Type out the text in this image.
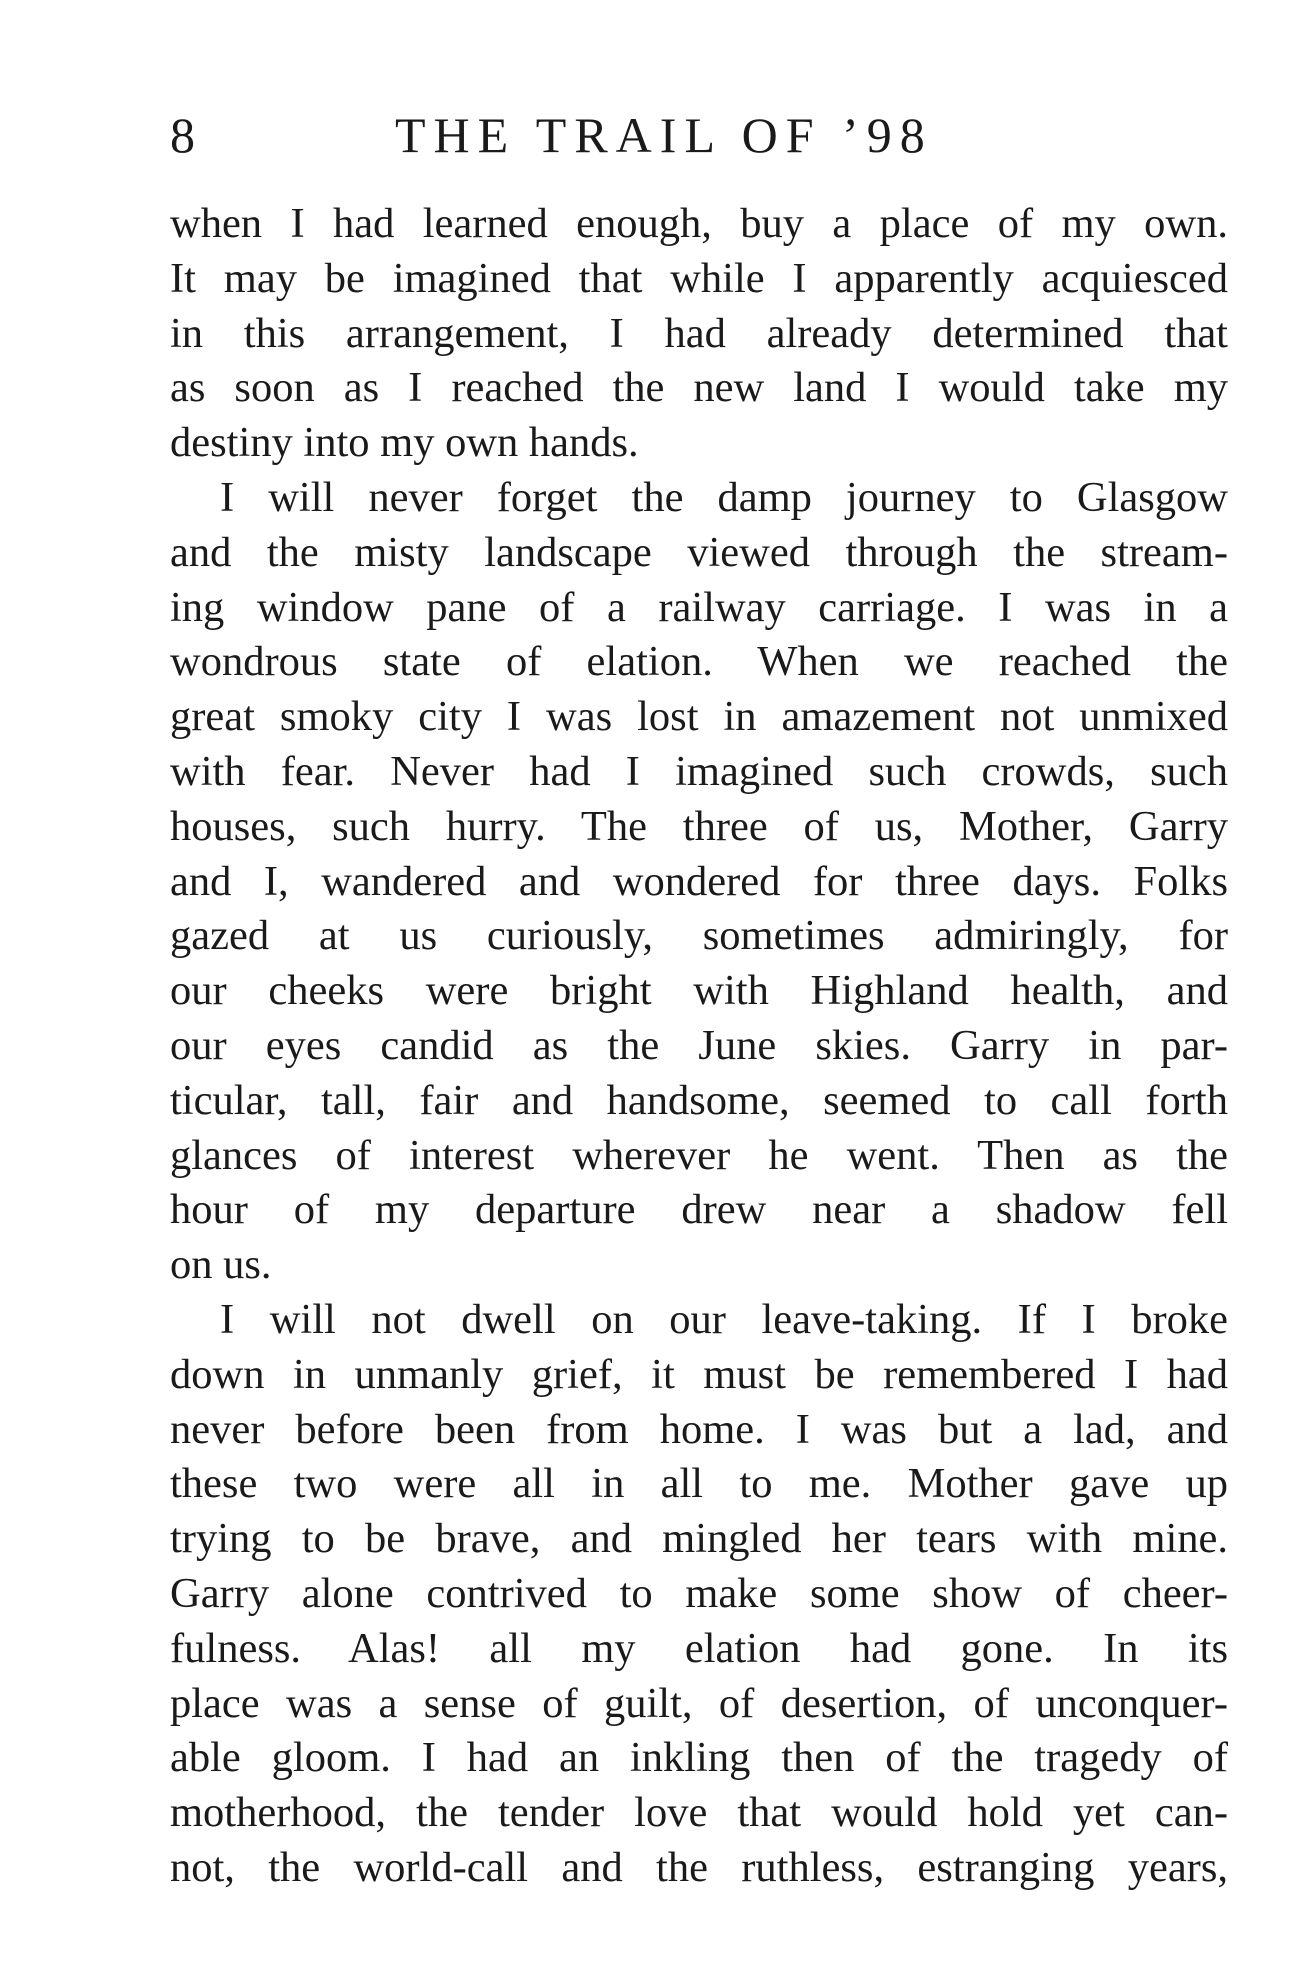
8	THE TRAIL OF ’98
when I had learned enough, buy a place of my own.
It may be imagined that while I apparently acquiesced
in this arrangement, I had already determined that
as soon as I reached the new land I would take my
destiny into my own hands.
I will never forget the damp journey to Glasgow
and the misty landscape viewed through the stream-
ing window pane of a railway carriage. I was in a
wondrous state of elation. When we reached the
great smoky city I was lost in amazement not unmixed
with fear. Never had I imagined such crowds, such
houses, such hurry. The three of us, Mother, Garry
and I, wandered and wondered for three days. Folks
gazed at us curiously, sometimes admiringly, for
our cheeks were bright with Highland health, and
our eyes candid as the June skies. Garry in par-
ticular, tall, fair and handsome, seemed to call forth
glances of interest wherever he went. Then as the
hour of my departure drew near a shadow fell
on us.
I will not dwell on our leave-taking. If I broke
down in unmanly grief, it must be remembered I had
never before been from home. I was but a lad, and
these two were all in all to me. Mother gave up
trying to be brave, and mingled her tears with mine.
Garry alone contrived to make some show of cheer-
fulness. Alas! all my elation had gone. In its
place was a sense of guilt, of desertion, of unconquer-
able gloom. I had an inkling then of the tragedy of
motherhood, the tender love that would hold yet can-
not, the world-call and the ruthless, estranging years,
